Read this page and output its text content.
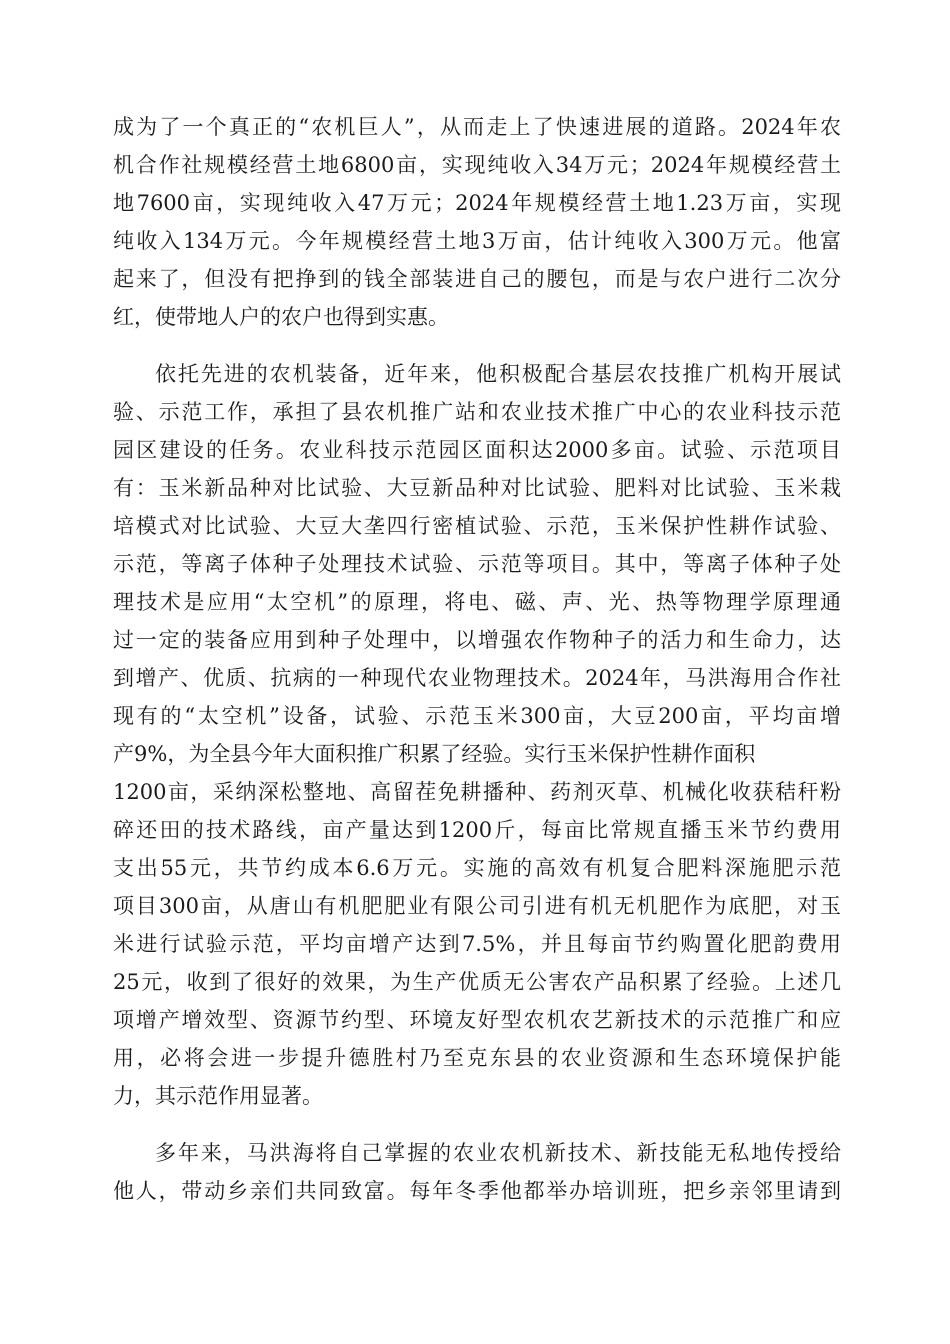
成为了一个真正的“农机巨人”，从而走上了快速进展的道路。2024年农
机合作社规模经营土地6800亩，实现纯收入34万元；2024年规模经营土
地7600亩，实现纯收入47万元；2024年规模经营土地1.23万亩，实现
纯收入134万元。今年规模经营土地3万亩，估计纯收入300万元。他富
起来了，但没有把挣到的钱全部装进自己的腰包，而是与农户进行二次分
红，使带地人户的农户也得到实惠。
依托先进的农机装备，近年来，他积极配合基层农技推广机构开展试
验、示范工作，承担了县农机推广站和农业技术推广中心的农业科技示范
园区建设的任务。农业科技示范园区面积达2000多亩。试验、示范项目
有：玉米新品种对比试验、大豆新品种对比试验、肥料对比试验、玉米栽
培模式对比试验、大豆大垄四行密植试验、示范，玉米保护性耕作试验、
示范，等离子体种子处理技术试验、示范等项目。其中，等离子体种子处
理技术是应用“太空机”的原理，将电、磁、声、光、热等物理学原理通
过一定的装备应用到种子处理中，以增强农作物种子的活力和生命力，达
到增产、优质、抗病的一种现代农业物理技术。2024年，马洪海用合作社
现有的“太空机”设备，试验、示范玉米300亩，大豆200亩，平均亩增
产9%，为全县今年大面积推广积累了经验。实行玉米保护性耕作面积
1200亩，采纳深松整地、高留茬免耕播种、药剂灭草、机械化收获秸秆粉
碎还田的技术路线，亩产量达到1200斤，每亩比常规直播玉米节约费用
支出55元，共节约成本6.6万元。实施的高效有机复合肥料深施肥示范
项目300亩，从唐山有机肥肥业有限公司引进有机无机肥作为底肥，对玉
米进行试验示范，平均亩增产达到7.5%，并且每亩节约购置化肥韵费用
25元，收到了很好的效果，为生产优质无公害农产品积累了经验。上述几
项增产增效型、资源节约型、环境友好型农机农艺新技术的示范推广和应
用，必将会进一步提升德胜村乃至克东县的农业资源和生态环境保护能
力，其示范作用显著。
多年来，马洪海将自己掌握的农业农机新技术、新技能无私地传授给
他人，带动乡亲们共同致富。每年冬季他都举办培训班，把乡亲邻里请到
